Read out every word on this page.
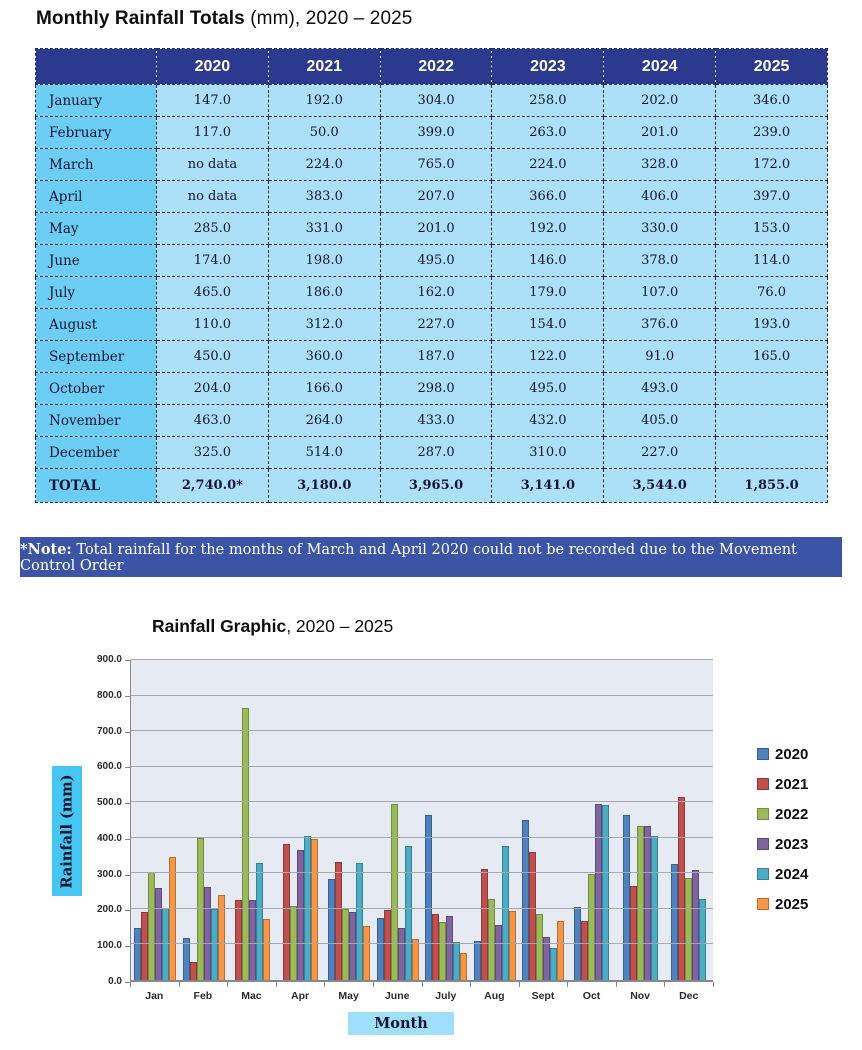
Monthly Rainfall Totals (mm), 2020 – 2025
	2020	2021	2022	2023	2024	2025
January	147.0	192.0	304.0	258.0	202.0	346.0
February	117.0	50.0	399.0	263.0	201.0	239.0
March	no data	224.0	765.0	224.0	328.0	172.0
April	no data	383.0	207.0	366.0	406.0	397.0
May	285.0	331.0	201.0	192.0	330.0	153.0
June	174.0	198.0	495.0	146.0	378.0	114.0
July	465.0	186.0	162.0	179.0	107.0	76.0
August	110.0	312.0	227.0	154.0	376.0	193.0
September	450.0	360.0	187.0	122.0	91.0	165.0
October	204.0	166.0	298.0	495.0	493.0	
November	463.0	264.0	433.0	432.0	405.0	
December	325.0	514.0	287.0	310.0	227.0	
TOTAL	2,740.0*	3,180.0	3,965.0	3,141.0	3,544.0	1,855.0
*Note: Total rainfall for the months of March and April 2020 could not be recorded due to the Movement Control Order
Rainfall Graphic, 2020 – 2025
Rainfall (mm)
900.0
800.0
700.0
600.0
500.0
400.0
300.0
200.0
100.0
0.0
Jan	Feb	Mac	Apr	May	June	July	Aug	Sept	Oct	Nov	Dec
Month
2020
2021
2022
2023
2024
2025
